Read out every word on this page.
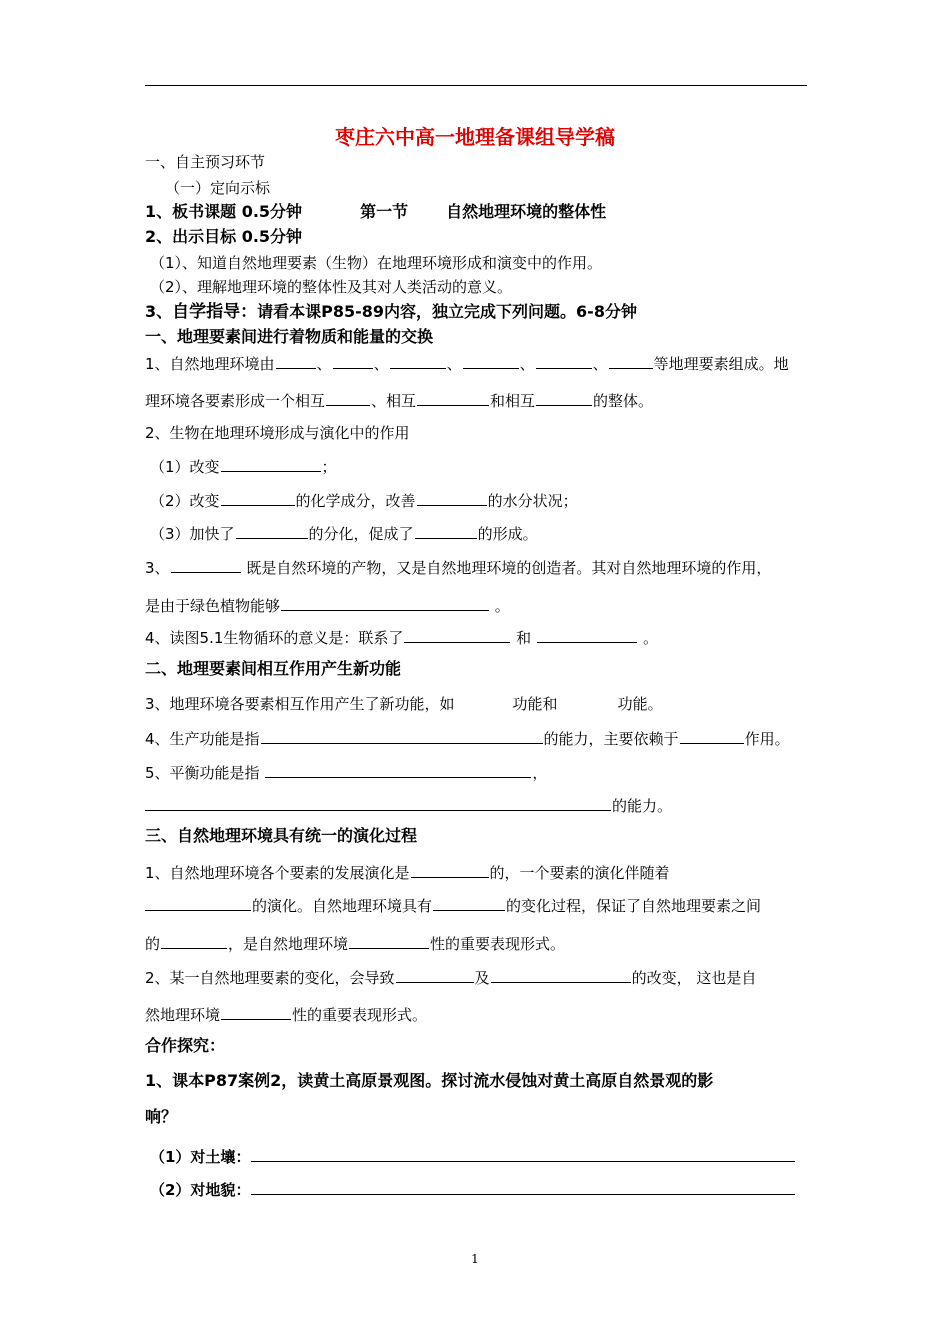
枣庄六中高一地理备课组导学稿
一、自主预习环节
（一）定向示标
1、板书课题 0.5分钟	第一节 自然地理环境的整体性
2、出示目标 0.5分钟
（1）、知道自然地理要素（生物）在地理环境形成和演变中的作用。
（2）、理解地理环境的整体性及其对人类活动的意义。
3、自学指导：请看本课P85-89内容，独立完成下列问题。6-8分钟
一、地理要素间进行着物质和能量的交换
1、自然地理环境由	、	、	、	、	、	等地理要素组成。地
理环境各要素形成一个相互	、相互	和相互	的整体。
2、生物在地理环境形成与演化中的作用
（1）改变	；
（2）改变	的化学成分，改善	的水分状况；
（3）加快了	的分化，促成了	的形成。
3、	既是自然环境的产物，又是自然地理环境的创造者。其对自然地理环境的作用，
是由于绿色植物能够	。
4、读图5.1生物循环的意义是：联系了	和	。
二、地理要素间相互作用产生新功能
3、地理环境各要素相互作用产生了新功能，如	功能和	功能。
4、生产功能是指	的能力，主要依赖于	作用。
5、平衡功能是指	，
的能力。
三、自然地理环境具有统一的演化过程
1、自然地理环境各个要素的发展演化是	的，一个要素的演化伴随着
的演化。自然地理环境具有	的变化过程，保证了自然地理要素之间
的	，是自然地理环境	性的重要表现形式。
2、某一自然地理要素的变化，会导致	及	的改变， 这也是自
然地理环境	性的重要表现形式。
合作探究：
1、课本P87案例2，读黄土高原景观图。探讨流水侵蚀对黄土高原自然景观的影
响？
（1）对土壤：
（2）对地貌：
1
